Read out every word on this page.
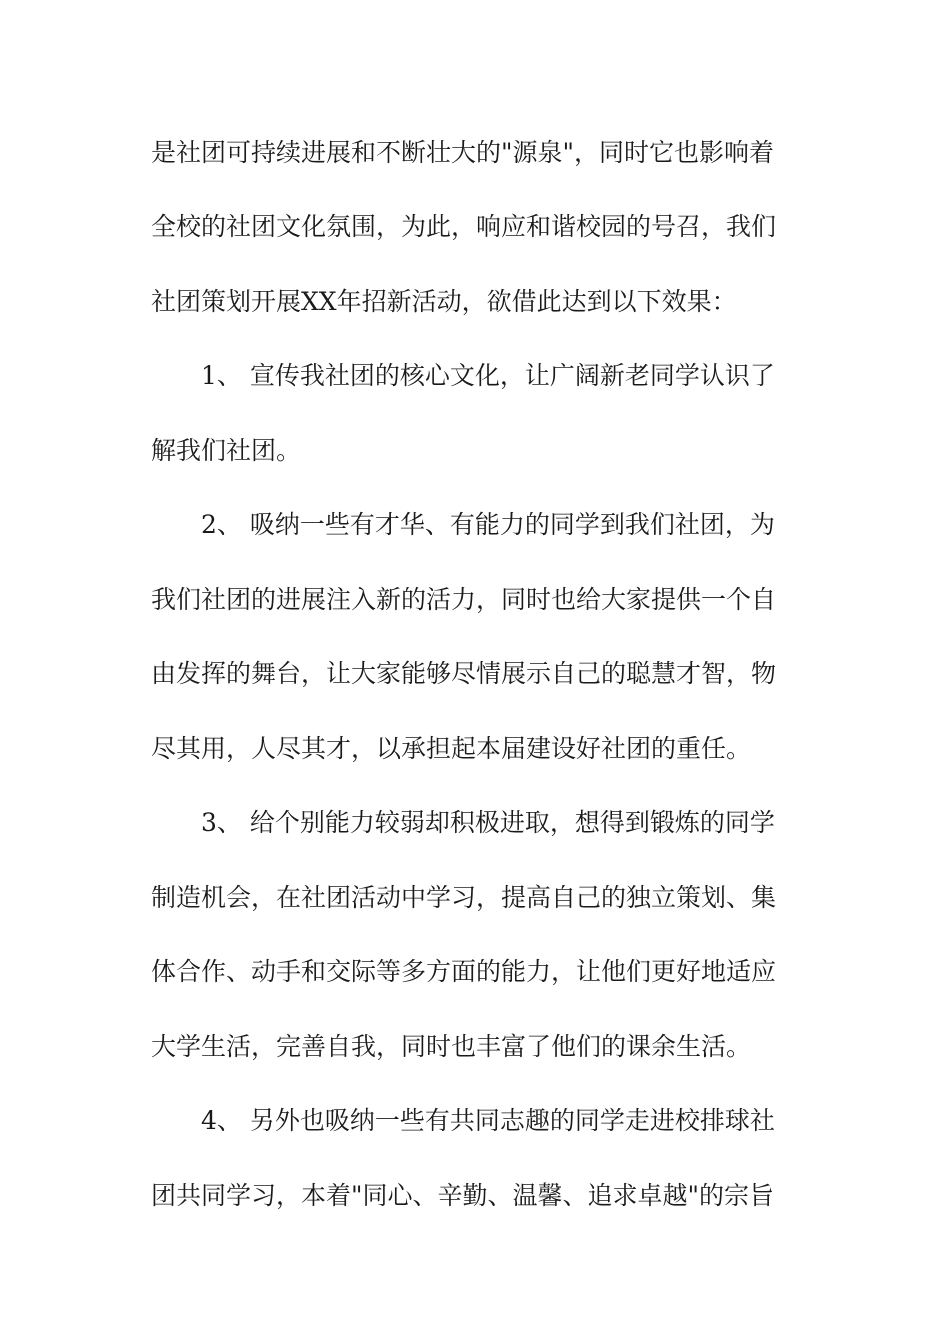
是社团可持续进展和不断壮大的"源泉"，同时它也影响着
全校的社团文化氛围，为此，响应和谐校园的号召，我们
社团策划开展XX年招新活动，欲借此达到以下效果：
1、 宣传我社团的核心文化，让广阔新老同学认识了
解我们社团。
2、 吸纳一些有才华、有能力的同学到我们社团，为
我们社团的进展注入新的活力，同时也给大家提供一个自
由发挥的舞台，让大家能够尽情展示自己的聪慧才智，物
尽其用，人尽其才，以承担起本届建设好社团的重任。
3、 给个别能力较弱却积极进取，想得到锻炼的同学
制造机会，在社团活动中学习，提高自己的独立策划、集
体合作、动手和交际等多方面的能力，让他们更好地适应
大学生活，完善自我，同时也丰富了他们的课余生活。
4、 另外也吸纳一些有共同志趣的同学走进校排球社
团共同学习，本着"同心、辛勤、温馨、追求卓越"的宗旨
